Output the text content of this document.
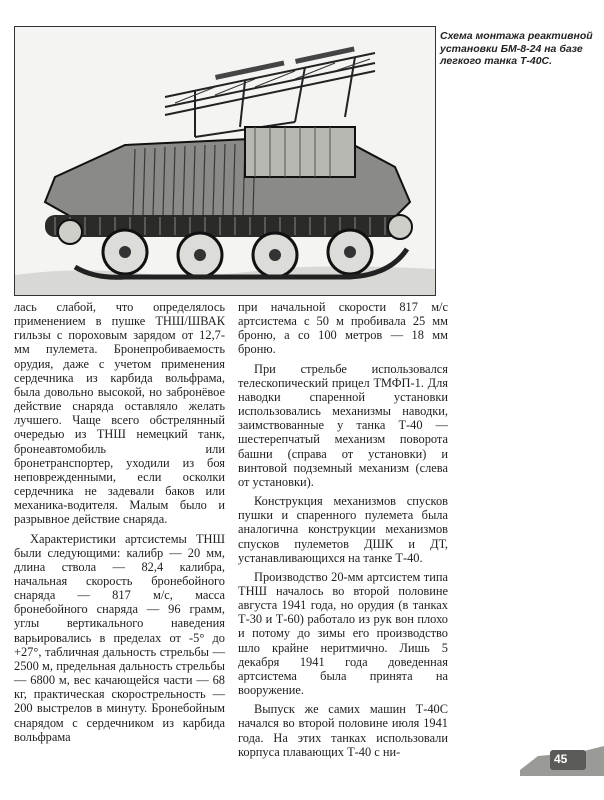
Схема монтажа реактивной установки БМ-8-24 на базе легкого танка Т-40С.

лась слабой, что определялось применением в пушке ТНШ/ШВАК гильзы с пороховым зарядом от 12,7-мм пулемета. Бронепробиваемость орудия, даже с учетом применения сердечника из карбида вольфрама, была довольно высокой, но забронёвое действие снаряда оставляло желать лучшего. Чаще всего обстрелянный очередью из ТНШ немецкий танк, бронеавтомобиль или бронетранспортер, уходили из боя неповрежденными, если осколки сердечника не задевали баков или механика-водителя. Малым было и разрывное действие снаряда.

Характеристики артсистемы ТНШ были следующими: калибр — 20 мм, длина ствола — 82,4 калибра, начальная скорость бронебойного снаряда — 817 м/с, масса бронебойного снаряда — 96 грамм, углы вертикального наведения варьировались в пределах от -5° до +27°, табличная дальность стрельбы — 2500 м, предельная дальность стрельбы — 6800 м, вес качающейся части — 68 кг, практическая скорострельность — 200 выстрелов в минуту. Бронебойным снарядом с сердечником из карбида вольфрама

при начальной скорости 817 м/с артсистема с 50 м пробивала 25 мм броню, а со 100 метров — 18 мм броню.

При стрельбе использовался телескопический прицел ТМФП-1. Для наводки спаренной установки использовались механизмы наводки, заимствованные у танка Т-40 — шестерепчатый механизм поворота башни (справа от установки) и винтовой подземный механизм (слева от установки).

Конструкция механизмов спусков пушки и спаренного пулемета была аналогична конструкции механизмов спусков пулеметов ДШК и ДТ, устанавливающихся на танке Т-40.

Производство 20-мм артсистем типа ТНШ началось во второй половине августа 1941 года, но орудия (в танках Т-30 и Т-60) работало из рук вон плохо и потому до зимы его производство шло крайне неритмично. Лишь 5 декабря 1941 года доведенная артсистема была принята на вооружение.

Выпуск же самих машин Т-40С начался во второй половине июля 1941 года. На этих танках использовали корпуса плавающих Т-40 с ни-

45
